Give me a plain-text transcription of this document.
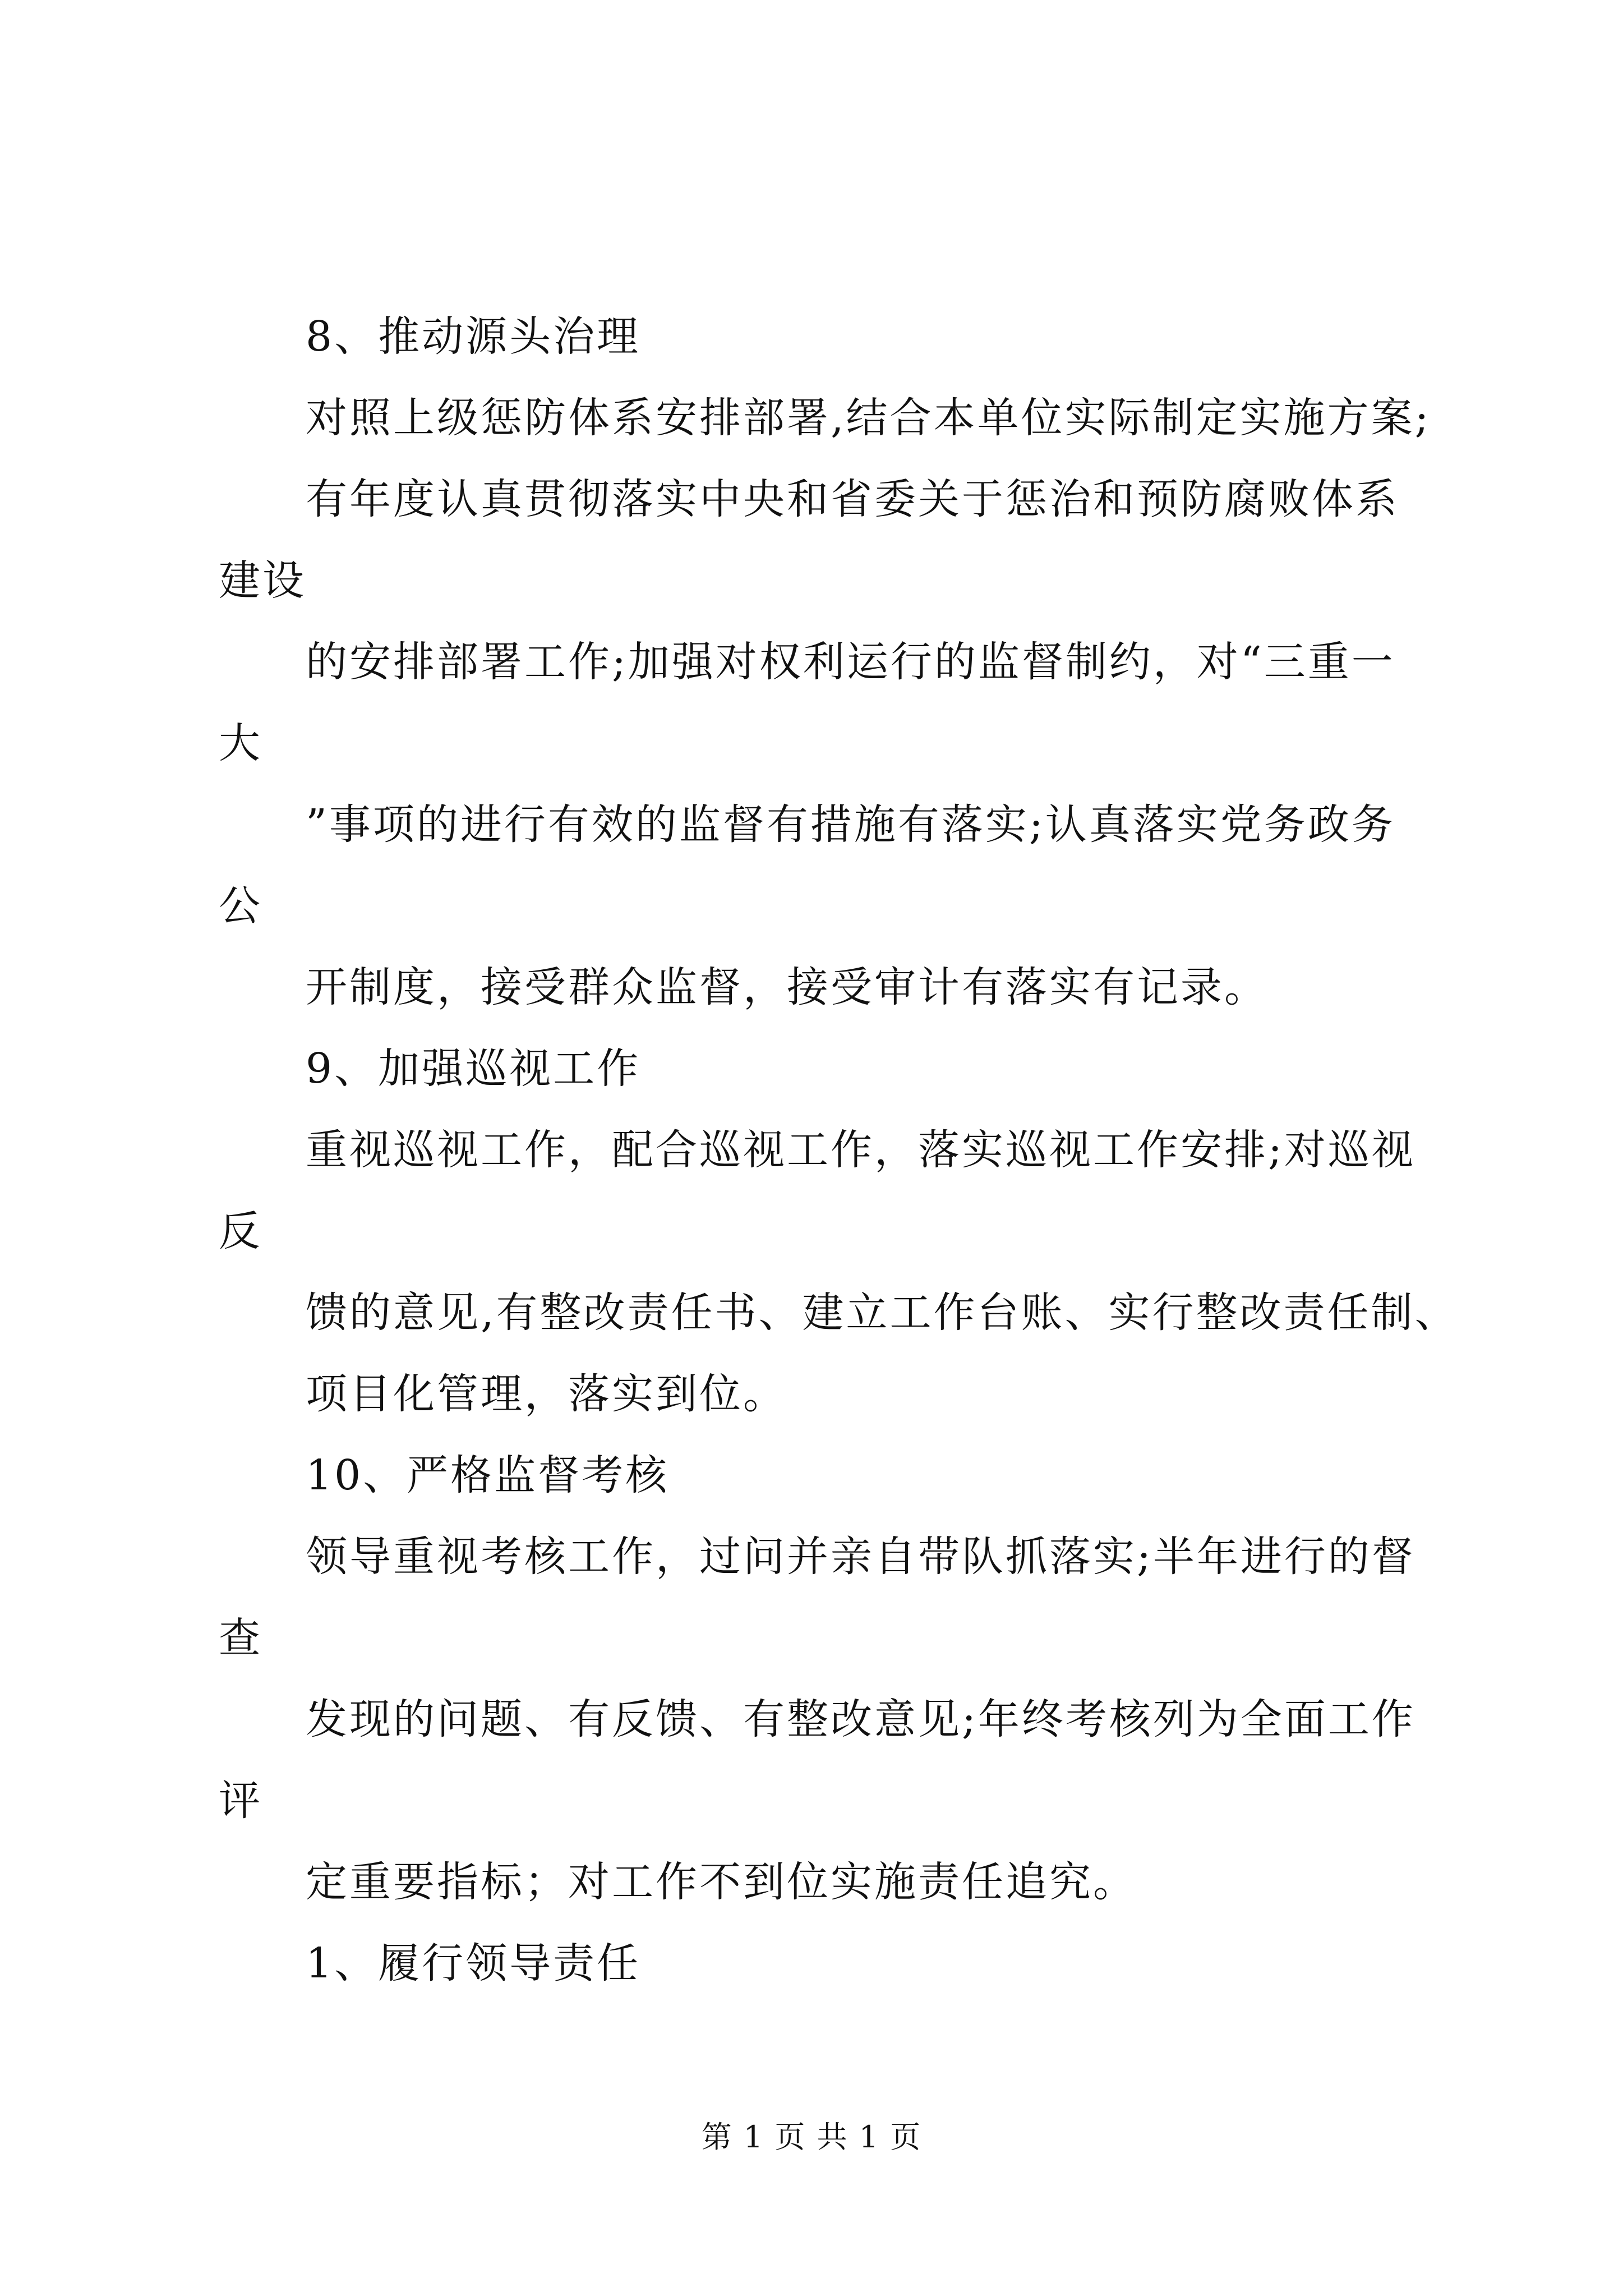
8、推动源头治理
对照上级惩防体系安排部署,结合本单位实际制定实施方案;
有年度认真贯彻落实中央和省委关于惩治和预防腐败体系
建设
的安排部署工作;加强对权利运行的监督制约，对“三重一
大
”事项的进行有效的监督有措施有落实;认真落实党务政务
公
开制度，接受群众监督，接受审计有落实有记录。
9、加强巡视工作
重视巡视工作，配合巡视工作，落实巡视工作安排;对巡视
反
馈的意见,有整改责任书、建立工作台账、实行整改责任制、
项目化管理，落实到位。
10、严格监督考核
领导重视考核工作，过问并亲自带队抓落实;半年进行的督
查
发现的问题、有反馈、有整改意见;年终考核列为全面工作
评
定重要指标；对工作不到位实施责任追究。
1、履行领导责任
第 1 页 共 1 页
